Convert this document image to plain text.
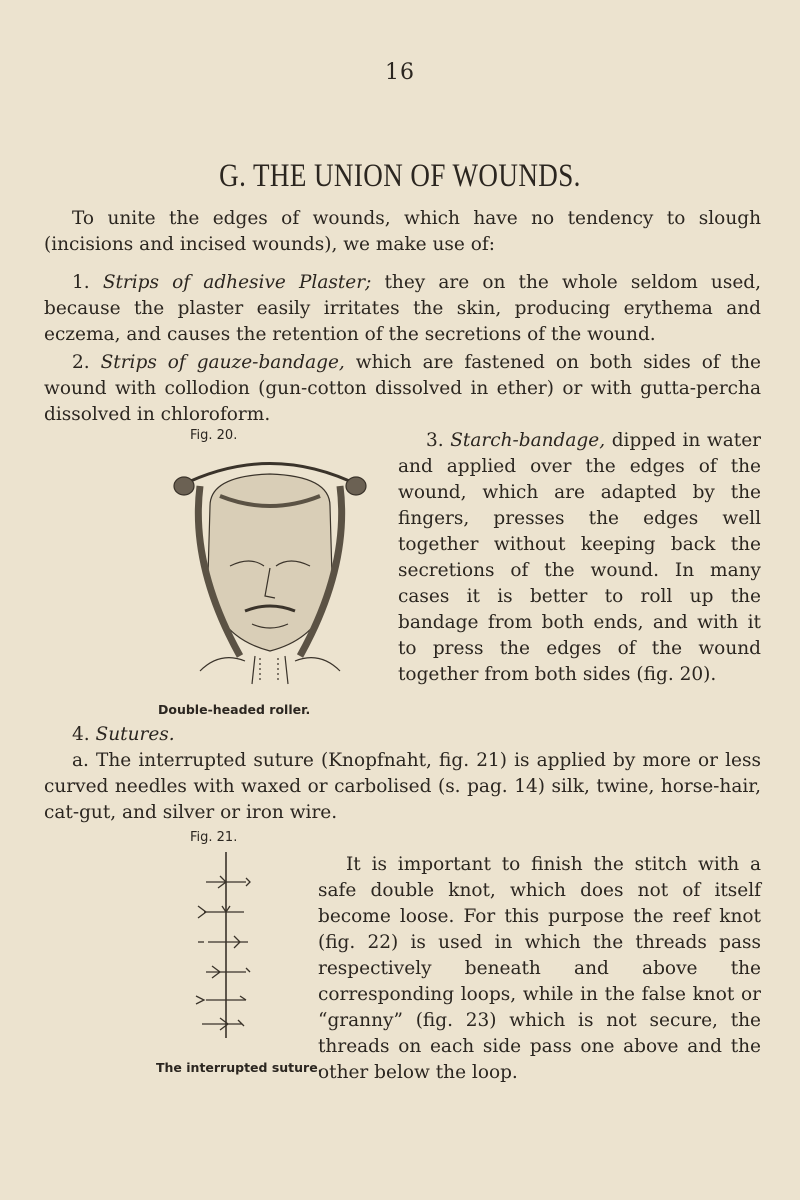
16
G. THE UNION OF WOUNDS.

To unite the edges of wounds, which have no tendency to slough (incisions and incised wounds), we make use of:

1. Strips of adhesive Plaster; they are on the whole seldom used, because the plaster easily irritates the skin, producing erythema and eczema, and causes the retention of the secretions of the wound.

2. Strips of gauze-bandage, which are fastened on both sides of the wound with collodion (gun-cotton dissolved in ether) or with gutta-percha dissolved in chloroform.

Fig. 20.
Double-headed roller.

3. Starch-bandage, dipped in water and applied over the edges of the wound, which are adapted by the fingers, presses the edges well together without keeping back the secretions of the wound. In many cases it is better to roll up the bandage from both ends, and with it to press the edges of the wound together from both sides (fig. 20).

4. Sutures.

a. The interrupted suture (Knopfnaht, fig. 21) is applied by more or less curved needles with waxed or carbolised (s. pag. 14) silk, twine, horse-hair, cat-gut, and silver or iron wire.

Fig. 21.
The interrupted suture.

It is important to finish the stitch with a safe double knot, which does not of itself become loose. For this purpose the reef knot (fig. 22) is used in which the threads pass respectively beneath and above the corresponding loops, while in the false knot or “granny” (fig. 23) which is not secure, the threads on each side pass one above and the other below the loop.
